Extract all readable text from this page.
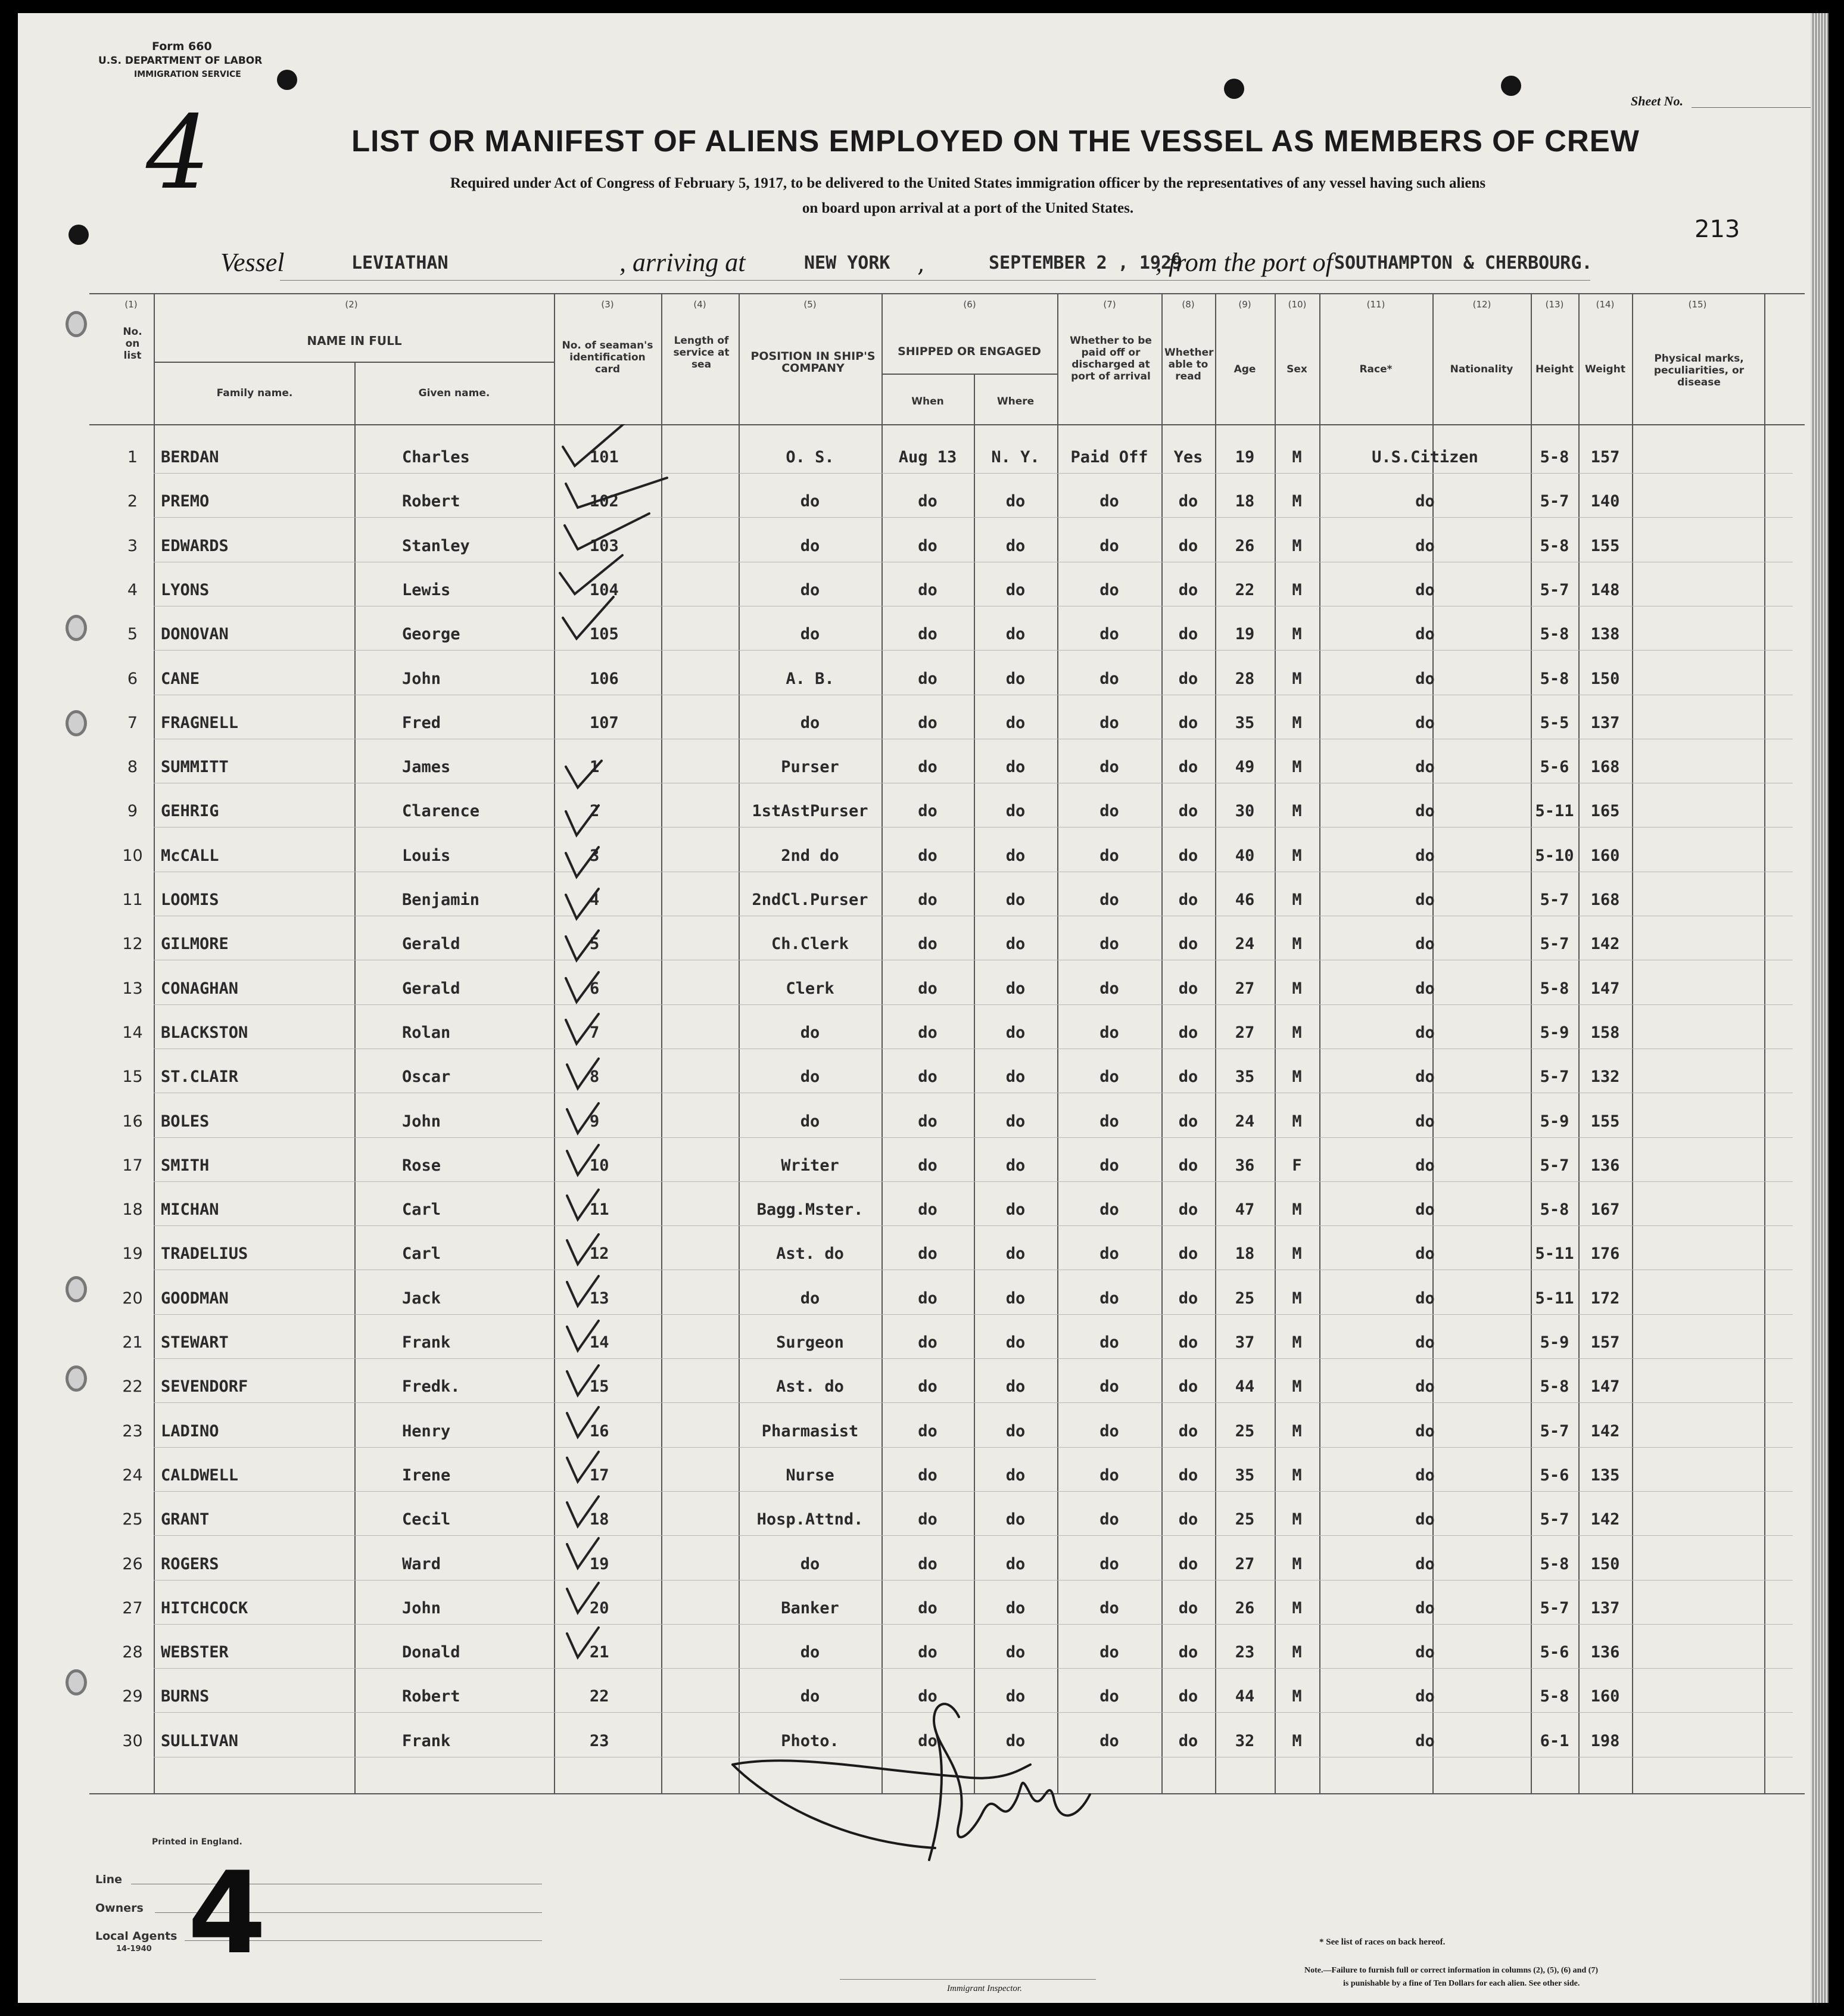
Form 660
U.S. DEPARTMENT OF LABOR
IMMIGRATION SERVICE
4	LIST OR MANIFEST OF ALIENS EMPLOYED ON THE VESSEL AS MEMBERS OF CREW
Required under Act of Congress of February 5, 1917, to be delivered to the United States immigration officer by the representatives of any vessel having such aliens
on board upon arrival at a port of the United States.
Sheet No.
213
Vessel	LEVIATHAN	, arriving at	NEW YORK ,	SEPTEMBER 2 , 1929
, from the port of SOUTHAMPTON & CHERBOURG.
(1)	(2)	(3)	(4)	(5)	(6)	(7)	(8)	(9)	(10)	(11)	(12)	(13)	(14)	(15)
No. on list
NAME IN FULL
Family name.	Given name.
No. of seaman's identification card
Length of service at sea
POSITION IN SHIP'S COMPANY
SHIPPED OR ENGAGED
When	Where
Whether to be paid off or discharged at port of arrival
Whether able to read
Age	Sex	Race*	Nationality	Height	Weight
Physical marks, peculiarities, or disease
1	BERDAN	Charles	101	O. S.	Aug 13	N. Y.	Paid Off	Yes	19	M	U.S.Citizen	5-8	157
2	PREMO	Robert	102	do	do	do	do	do	18	M	do	5-7	140
3	EDWARDS	Stanley	103	do	do	do	do	do	26	M	do	5-8	155
4	LYONS	Lewis	104	do	do	do	do	do	22	M	do	5-7	148
5	DONOVAN	George	105	do	do	do	do	do	19	M	do	5-8	138
6	CANE	John	106	A. B.	do	do	do	do	28	M	do	5-8	150
7	FRAGNELL	Fred	107	do	do	do	do	do	35	M	do	5-5	137
8	SUMMITT	James	1	Purser	do	do	do	do	49	M	do	5-6	168
9	GEHRIG	Clarence	2	1stAstPurser	do	do	do	do	30	M	do	5-11	165
10	McCALL	Louis	3	2nd do	do	do	do	do	40	M	do	5-10	160
11	LOOMIS	Benjamin	4	2ndCl.Purser	do	do	do	do	46	M	do	5-7	168
12	GILMORE	Gerald	5	Ch.Clerk	do	do	do	do	24	M	do	5-7	142
13	CONAGHAN	Gerald	6	Clerk	do	do	do	do	27	M	do	5-8	147
14	BLACKSTON	Rolan	7	do	do	do	do	do	27	M	do	5-9	158
15	ST.CLAIR	Oscar	8	do	do	do	do	do	35	M	do	5-7	132
16	BOLES	John	9	do	do	do	do	do	24	M	do	5-9	155
17	SMITH	Rose	10	Writer	do	do	do	do	36	F	do	5-7	136
18	MICHAN	Carl	11	Bagg.Mster.	do	do	do	do	47	M	do	5-8	167
19	TRADELIUS	Carl	12	Ast. do	do	do	do	do	18	M	do	5-11	176
20	GOODMAN	Jack	13	do	do	do	do	do	25	M	do	5-11	172
21	STEWART	Frank	14	Surgeon	do	do	do	do	37	M	do	5-9	157
22	SEVENDORF	Fredk.	15	Ast. do	do	do	do	do	44	M	do	5-8	147
23	LADINO	Henry	16	Pharmasist	do	do	do	do	25	M	do	5-7	142
24	CALDWELL	Irene	17	Nurse	do	do	do	do	35	M	do	5-6	135
25	GRANT	Cecil	18	Hosp.Attnd.	do	do	do	do	25	M	do	5-7	142
26	ROGERS	Ward	19	do	do	do	do	do	27	M	do	5-8	150
27	HITCHCOCK	John	20	Banker	do	do	do	do	26	M	do	5-7	137
28	WEBSTER	Donald	21	do	do	do	do	do	23	M	do	5-6	136
29	BURNS	Robert	22	do	do	do	do	do	44	M	do	5-8	160
30	SULLIVAN	Frank	23	Photo.	do	do	do	do	32	M	do	6-1	198
Printed in England.
Line
Owners
Local Agents
14-1940 4
Immigrant Inspector.
* See list of races on back hereof.
Note.—Failure to furnish full or correct information in columns (2), (5), (6) and (7)
is punishable by a fine of Ten Dollars for each alien. See other side.
